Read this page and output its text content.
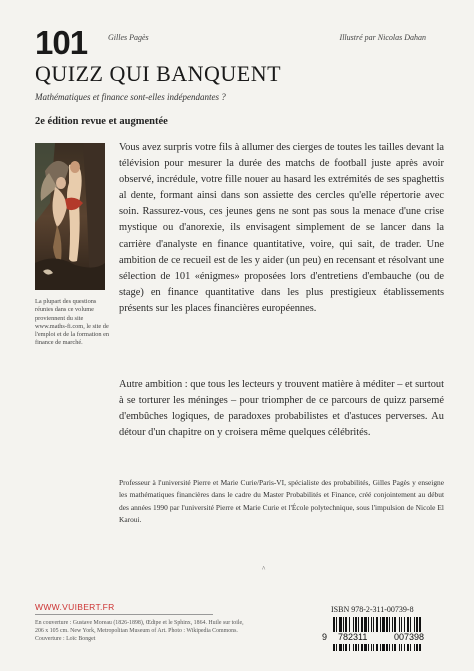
101	Gilles Pagès	Illustré par Nicolas Dahan
QUIZZ QUI BANQUENT
Mathématiques et finance sont-elles indépendantes ?
2e édition revue et augmentée
La plupart des questions réunies dans ce volume proviennent du site www.maths-fi.com, le site de l'emploi et de la formation en finance de marché.
Vous avez surpris votre fils à allumer des cierges de toutes les tailles devant la télévision pour mesurer la durée des matchs de football juste après avoir observé, incrédule, votre fille nouer au hasard les extrémités de ses spaghettis al dente, formant ainsi dans son assiette des cercles qu'elle répertorie avec soin. Rassurez-vous, ces jeunes gens ne sont pas sous la menace d'une crise mystique ou d'anorexie, ils envisagent simplement de se lancer dans la carrière d'analyste en finance quantitative, voire, qui sait, de trader. Une ambition de ce recueil est de les y aider (un peu) en recensant et résolvant une sélection de 101 «énigmes» proposées lors d'entretiens d'embauche (ou de stage) en finance quantitative dans les plus prestigieux établissements présents sur les places financières européennes.
Autre ambition : que tous les lecteurs y trouvent matière à méditer – et surtout à se torturer les méninges – pour triompher de ce parcours de quizz parsemé d'embûches logiques, de paradoxes probabilistes et d'astuces perverses. Au détour d'un chapitre on y croisera même quelques célébrités.
Professeur à l'université Pierre et Marie Curie/Paris-VI, spécialiste des probabilités, Gilles Pagès y enseigne les mathématiques financières dans le cadre du Master Probabilités et Finance, créé conjointement au début des années 1990 par l'université Pierre et Marie Curie et l'École polytechnique, sous l'impulsion de Nicole El Karoui.
^
WWW.VUIBERT.FR
En couverture : Gustave Moreau (1826-1898), Œdipe et le Sphinx, 1864. Huile sur toile, 206 x 105 cm. New York, Metropolitan Museum of Art. Photo : Wikipedia Commons. Couverture : Loïc Bonget
ISBN 978-2-311-00739-8
9 782311	007398
